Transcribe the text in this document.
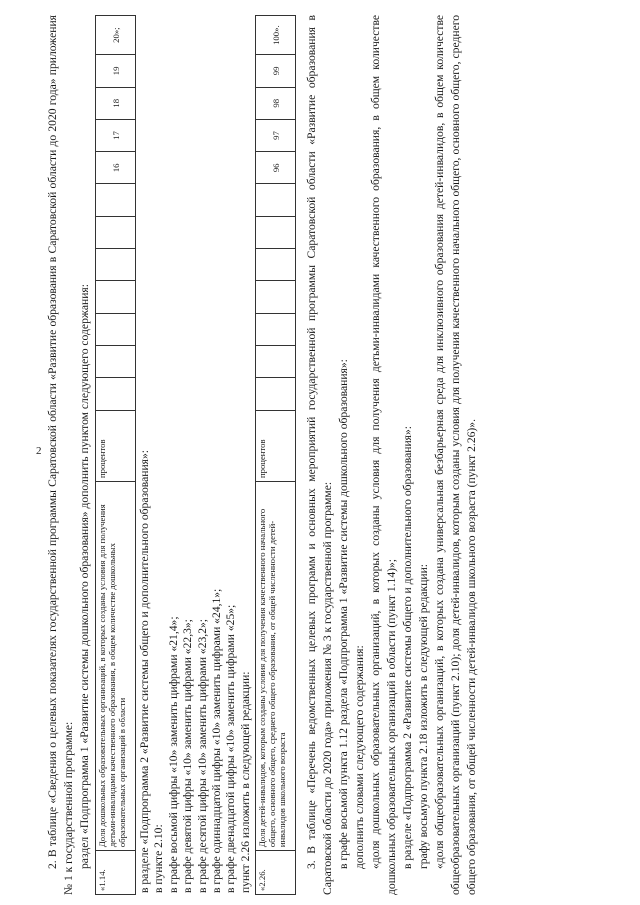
2 2. В таблице «Сведения о целевых показателях государственной программы Саратовской области «Развитие образования в Саратовской области до 2020 года» приложения № 1 к государственной программе: раздел «Подпрограмма 1 «Развитие системы дошкольного образования» дополнить пунктом следующего содержания:

«1.14.	Доля дошкольных образовательных организаций, в которых созданы условия для получения детьми-инвалидами качественного образования, в общем количестве дошкольных образовательных организаций в области	процентов								16	17	18	19	20»;

в разделе «Подпрограмма 2 «Развитие системы общего и дополнительного образования»: в пункте 2.10: в графе восьмой цифры «10» заменить цифрами «21,4»; в графе девятой цифры «10» заменить цифрами «22,3»; в графе десятой цифры «10» заменить цифрами «23,2»; в графе одиннадцатой цифры «10» заменить цифрами «24,1»; в графе двенадцатой цифры «10» заменить цифрами «25»; пункт 2.26 изложить в следующей редакции: «2.26.	Доля детей-инвалидов, которым созданы условия для получения качественного начального общего, основного общего, среднего общего образования, от общей численности детей-инвалидов школьного возраста	процентов								96	97	98	99	100». 3. В таблице «Перечень ведомственных целевых программ и основных мероприятий государственной программы Саратовской области «Развитие образования в Саратовской области до 2020 года» приложения № 3 к государственной программе: в графе восьмой пункта 1.12 раздела «Подпрограмма 1 «Развитие системы дошкольного образования»: дополнить словами следующего содержания: «доля дошкольных образовательных организаций, в которых созданы условия для получения детьми-инвалидами качественного образования, в общем количестве дошкольных образовательных организаций в области (пункт 1.14)»; в разделе «Подпрограмма 2 «Развитие системы общего и дополнительного образования»: графу восьмую пункта 2.18 изложить в следующей редакции: «доля общеобразовательных организаций, в которых создана универсальная безбарьерная среда для инклюзивного образования детей-инвалидов, в общем количестве общеобразовательных организаций (пункт 2.10); доля детей-инвалидов, которым созданы условия для получения качественного начального общего, основного общего, среднего общего образования, от общей численности детей-инвалидов школьного возраста (пункт 2.26)».
